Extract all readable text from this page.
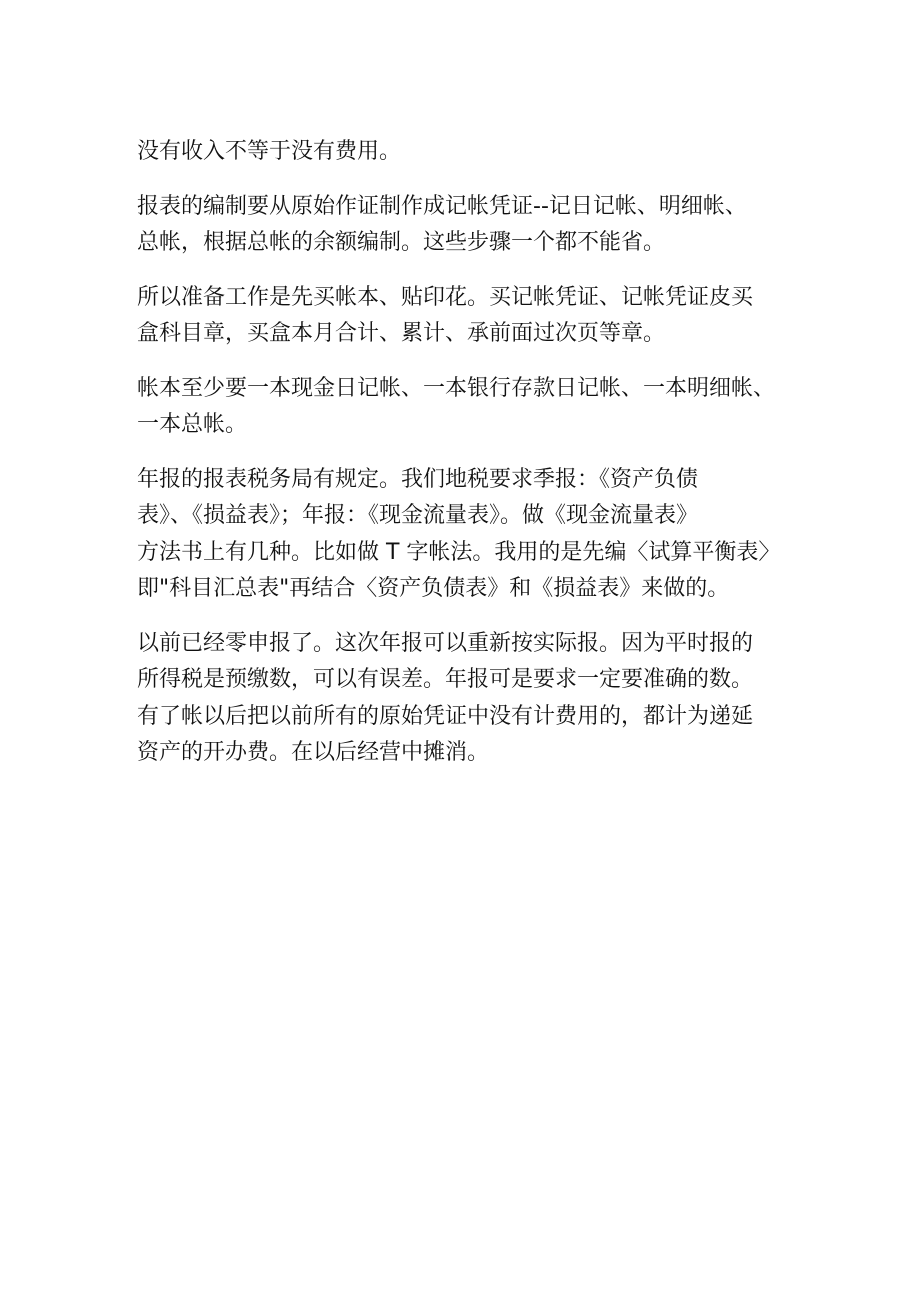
没有收入不等于没有费用。

报表的编制要从原始作证制作成记帐凭证--记日记帐、明细帐、
总帐，根据总帐的余额编制。这些步骤一个都不能省。

所以准备工作是先买帐本、贴印花。买记帐凭证、记帐凭证皮买
盒科目章，买盒本月合计、累计、承前面过次页等章。

帐本至少要一本现金日记帐、一本银行存款日记帐、一本明细帐、
一本总帐。

年报的报表税务局有规定。我们地税要求季报：《资产负债
表》、《损益表》；年报：《现金流量表》。做《现金流量表》
方法书上有几种。比如做 T 字帐法。我用的是先编〈试算平衡表〉
即"科目汇总表"再结合〈资产负债表》和《损益表》来做的。

以前已经零申报了。这次年报可以重新按实际报。因为平时报的
所得税是预缴数，可以有误差。年报可是要求一定要准确的数。
有了帐以后把以前所有的原始凭证中没有计费用的，都计为递延
资产的开办费。在以后经营中摊消。
